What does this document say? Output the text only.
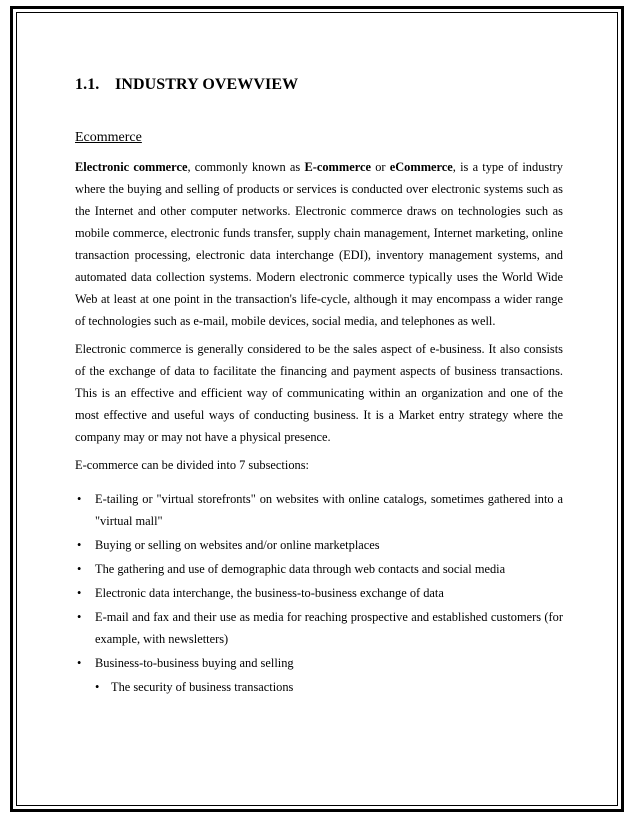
1.1. INDUSTRY OVEWVIEW
Ecommerce

Electronic commerce, commonly known as E-commerce or eCommerce, is a type of industry where the buying and selling of products or services is conducted over electronic systems such as the Internet and other computer networks. Electronic commerce draws on technologies such as mobile commerce, electronic funds transfer, supply chain management, Internet marketing, online transaction processing, electronic data interchange (EDI), inventory management systems, and automated data collection systems. Modern electronic commerce typically uses the World Wide Web at least at one point in the transaction's life-cycle, although it may encompass a wider range of technologies such as e-mail, mobile devices, social media, and telephones as well.

Electronic commerce is generally considered to be the sales aspect of e-business. It also consists of the exchange of data to facilitate the financing and payment aspects of business transactions. This is an effective and efficient way of communicating within an organization and one of the most effective and useful ways of conducting business. It is a Market entry strategy where the company may or may not have a physical presence.

E-commerce can be divided into 7 subsections:

• E-tailing or "virtual storefronts" on websites with online catalogs, sometimes gathered into a "virtual mall"
• Buying or selling on websites and/or online marketplaces
• The gathering and use of demographic data through web contacts and social media
• Electronic data interchange, the business-to-business exchange of data
• E-mail and fax and their use as media for reaching prospective and established customers (for example, with newsletters)
• Business-to-business buying and selling
• The security of business transactions
